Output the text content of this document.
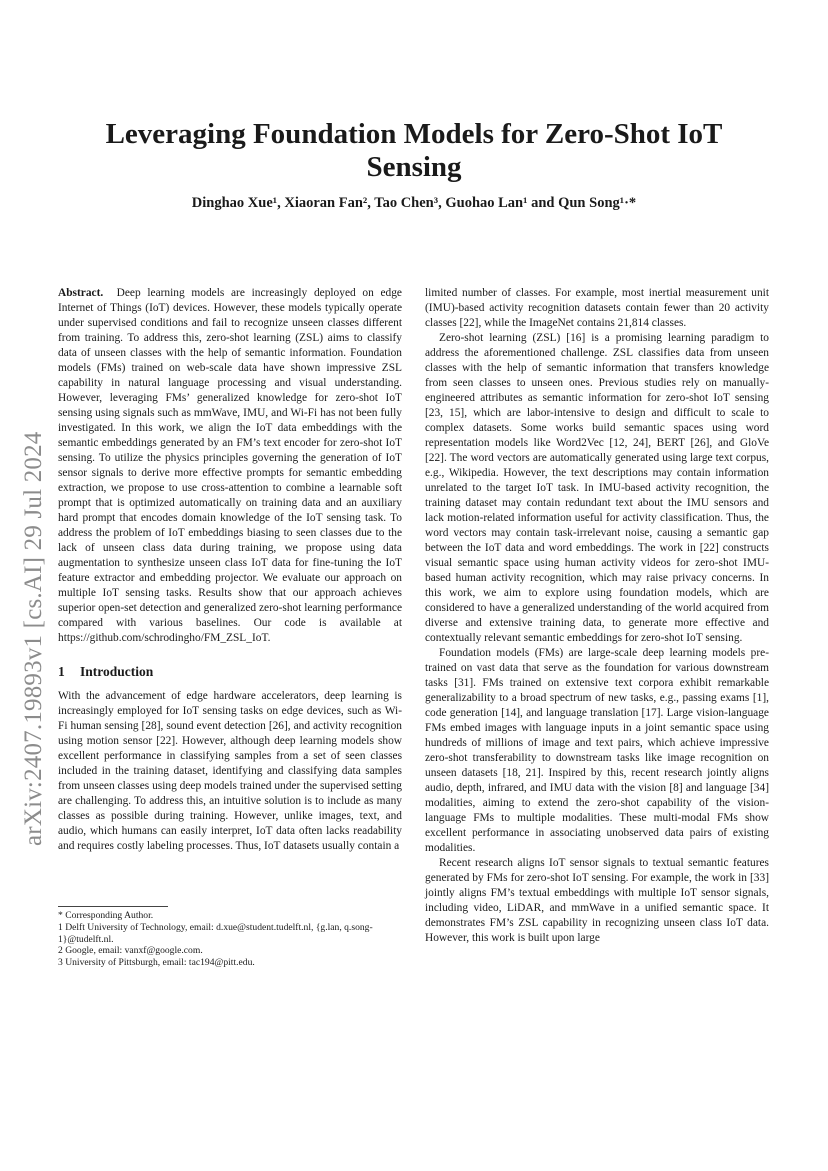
arXiv:2407.19893v1 [cs.AI] 29 Jul 2024
Leveraging Foundation Models for Zero-Shot IoT Sensing
Dinghao Xue¹, Xiaoran Fan², Tao Chen³, Guohao Lan¹ and Qun Song¹·*

Abstract. Deep learning models are increasingly deployed on edge Internet of Things (IoT) devices. However, these models typically operate under supervised conditions and fail to recognize unseen classes different from training. To address this, zero-shot learning (ZSL) aims to classify data of unseen classes with the help of semantic information. Foundation models (FMs) trained on web-scale data have shown impressive ZSL capability in natural language processing and visual understanding. However, leveraging FMs’ generalized knowledge for zero-shot IoT sensing using signals such as mmWave, IMU, and Wi-Fi has not been fully investigated. In this work, we align the IoT data embeddings with the semantic embeddings generated by an FM’s text encoder for zero-shot IoT sensing. To utilize the physics principles governing the generation of IoT sensor signals to derive more effective prompts for semantic embedding extraction, we propose to use cross-attention to combine a learnable soft prompt that is optimized automatically on training data and an auxiliary hard prompt that encodes domain knowledge of the IoT sensing task. To address the problem of IoT embeddings biasing to seen classes due to the lack of unseen class data during training, we propose using data augmentation to synthesize unseen class IoT data for fine-tuning the IoT feature extractor and embedding projector. We evaluate our approach on multiple IoT sensing tasks. Results show that our approach achieves superior open-set detection and generalized zero-shot learning performance compared with various baselines. Our code is available at https://github.com/schrodingho/FM_ZSL_IoT.

1 Introduction

With the advancement of edge hardware accelerators, deep learning is increasingly employed for IoT sensing tasks on edge devices, such as Wi-Fi human sensing [28], sound event detection [26], and activity recognition using motion sensor [22]. However, although deep learning models show excellent performance in classifying samples from a set of seen classes included in the training dataset, identifying and classifying data samples from unseen classes using deep models trained under the supervised setting are challenging. To address this, an intuitive solution is to include as many classes as possible during training. However, unlike images, text, and audio, which humans can easily interpret, IoT data often lacks readability and requires costly labeling processes. Thus, IoT datasets usually contain a

* Corresponding Author.
1 Delft University of Technology, email: d.xue@student.tudelft.nl, {g.lan, q.song-1}@tudelft.nl.
2 Google, email: vanxf@google.com.
3 University of Pittsburgh, email: tac194@pitt.edu.

limited number of classes. For example, most inertial measurement unit (IMU)-based activity recognition datasets contain fewer than 20 activity classes [22], while the ImageNet contains 21,814 classes.

Zero-shot learning (ZSL) [16] is a promising learning paradigm to address the aforementioned challenge. ZSL classifies data from unseen classes with the help of semantic information that transfers knowledge from seen classes to unseen ones. Previous studies rely on manually-engineered attributes as semantic information for zero-shot IoT sensing [23, 15], which are labor-intensive to design and difficult to scale to complex datasets. Some works build semantic spaces using word representation models like Word2Vec [12, 24], BERT [26], and GloVe [22]. The word vectors are automatically generated using large text corpus, e.g., Wikipedia. However, the text descriptions may contain information unrelated to the target IoT task. In IMU-based activity recognition, the training dataset may contain redundant text about the IMU sensors and lack motion-related information useful for activity classification. Thus, the word vectors may contain task-irrelevant noise, causing a semantic gap between the IoT data and word embeddings. The work in [22] constructs visual semantic space using human activity videos for zero-shot IMU-based human activity recognition, which may raise privacy concerns. In this work, we aim to explore using foundation models, which are considered to have a generalized understanding of the world acquired from diverse and extensive training data, to generate more effective and contextually relevant semantic embeddings for zero-shot IoT sensing.

Foundation models (FMs) are large-scale deep learning models pre-trained on vast data that serve as the foundation for various downstream tasks [31]. FMs trained on extensive text corpora exhibit remarkable generalizability to a broad spectrum of new tasks, e.g., passing exams [1], code generation [14], and language translation [17]. Large vision-language FMs embed images with language inputs in a joint semantic space using hundreds of millions of image and text pairs, which achieve impressive zero-shot transferability to downstream tasks like image recognition on unseen datasets [18, 21]. Inspired by this, recent research jointly aligns audio, depth, infrared, and IMU data with the vision [8] and language [34] modalities, aiming to extend the zero-shot capability of the vision-language FMs to multiple modalities. These multi-modal FMs show excellent performance in associating unobserved data pairs of existing modalities.

Recent research aligns IoT sensor signals to textual semantic features generated by FMs for zero-shot IoT sensing. For example, the work in [33] jointly aligns FM’s textual embeddings with multiple IoT sensor signals, including video, LiDAR, and mmWave in a unified semantic space. It demonstrates FM’s ZSL capability in recognizing unseen class IoT data. However, this work is built upon large
